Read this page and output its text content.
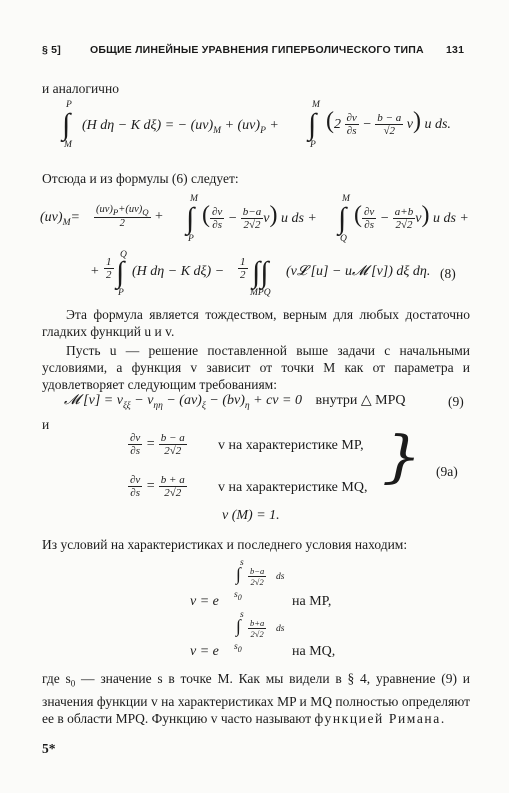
§ 5]	ОБЩИЕ ЛИНЕЙНЫЕ УРАВНЕНИЯ ГИПЕРБОЛИЧЕСКОГО ТИПА 131
и аналогично
P
∫
M
(H dη − K dξ) = − $(uv)_M + (uv)_P$ +
M
∫
P
$(2 \frac{\partial v}{\partial s} - \frac{b - a}{√2} v)$ u ds.
Отсюда и из формулы (6) следует:
$(uv)_M= \frac{(uv)_P+(uv)_Q}{2}$ +
M
∫
P
( $\frac{\partial v}{\partial s} - \frac{b-a}{2√2} v$) u ds +
M
∫
Q
( $\frac{\partial v}{\partial s} - \frac{a+b}{2√2} v$) u ds +
+ $\frac{1}{2}$
Q
∫
P
(H dη − K $d\xi) - \frac{1}{2}$ ∫∫
MPQ
(v𝓛 [u] − u𝓜 [v]) dξ dη. (8)
Эта формула является тождеством, верным для любых достаточно гладких функций u и v.
Пусть u — решение поставленной выше задачи с начальными условиями, а функция v зависит от точки M как от параметра и удовлетворяет следующим требованиям:
𝓜 $[v] = v_{\xi\xi} - v_{\eta\eta} - (av)_\xi - (bv)_\eta$ + cv = 0 внутри △ MPQ	(9)
и
$\frac{\partial v}{\partial s} = \frac{b - a}{2√2}$ v на характеристике MP,
$\frac{\partial v}{\partial s} = \frac{b + a}{2√2}$ v на характеристике MQ, } (9a)
v (M) = 1.
Из условий на характеристиках и последнего условия находим:
v = e
s
∫
$s_0$
$\frac{b-a}{2√2}$ ds
на MP,
v = e
s
∫
$s_0$
$\frac{b+a}{2√2}$ ds
на MQ,
где $s_0$ — значение s в точке M. Как мы видели в § 4, уравнение (9) и значения функции v на характеристиках MP и MQ полностью определяют ее в области MPQ. Функцию v часто называют функцией Римана.
5*
